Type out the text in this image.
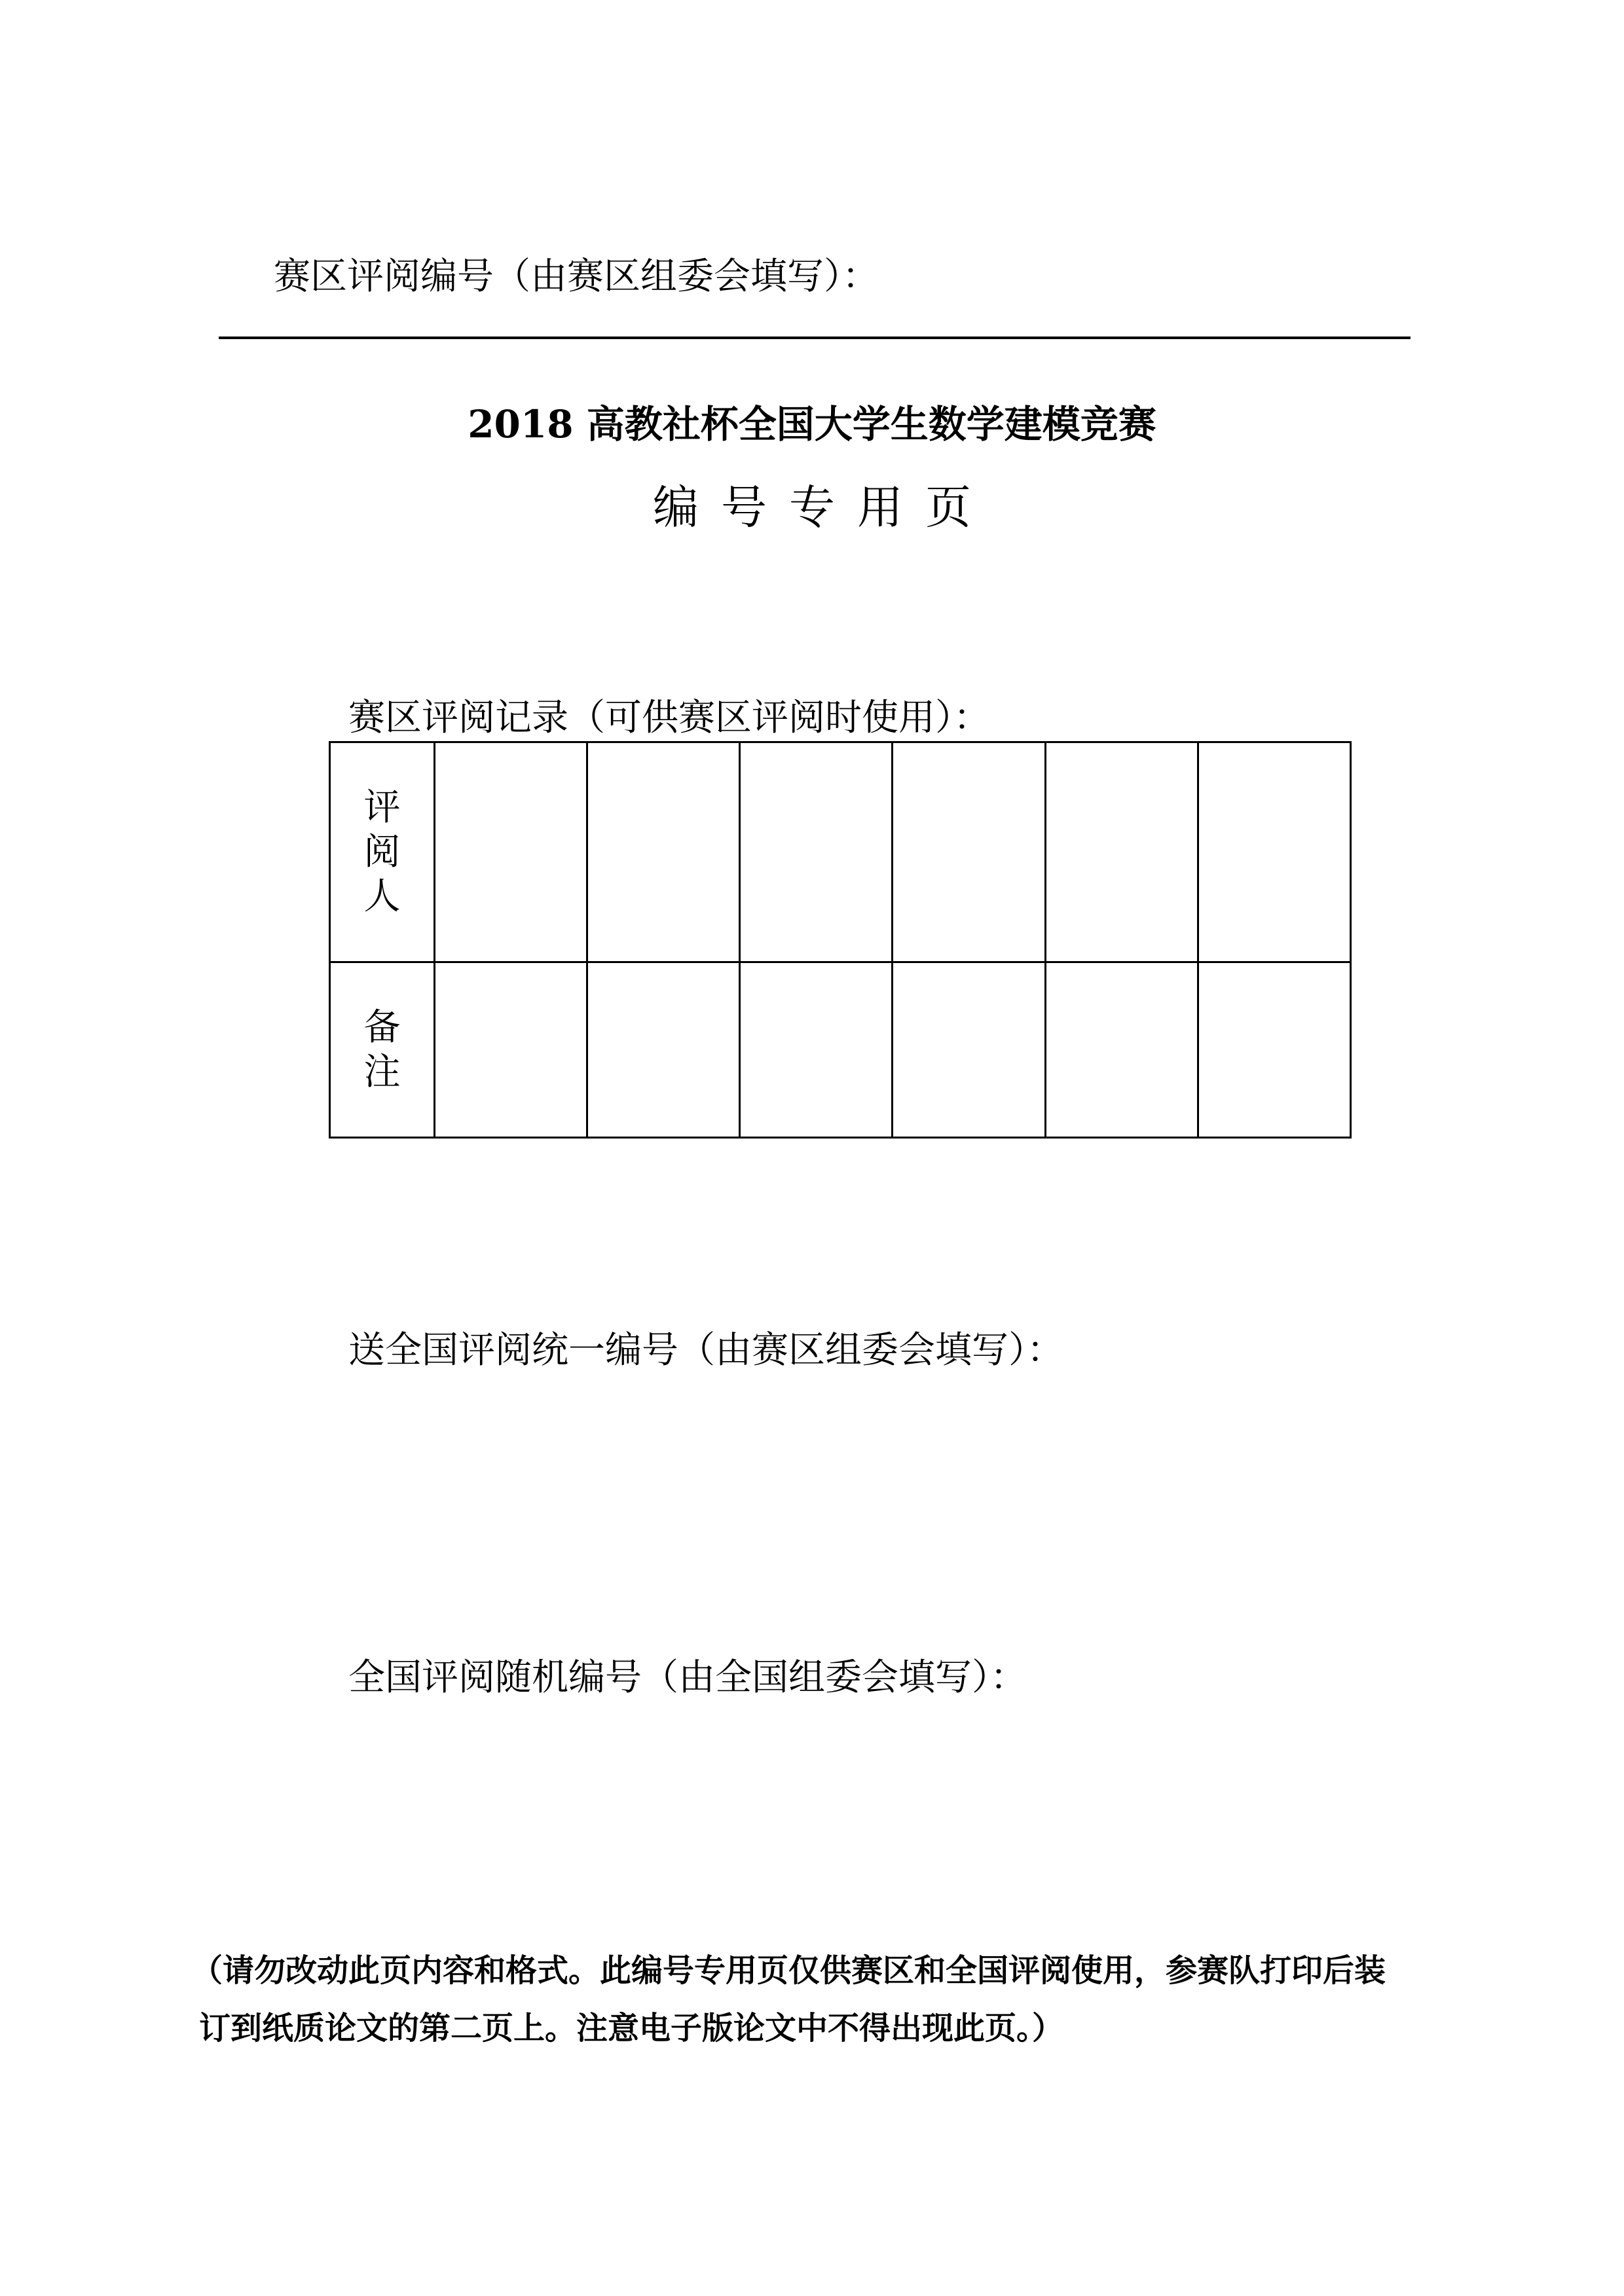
赛区评阅编号（由赛区组委会填写）：
2018 高教社杯全国大学生数学建模竞赛
编号专用页
赛区评阅记录（可供赛区评阅时使用）：
评阅人						
备注						
送全国评阅统一编号（由赛区组委会填写）：
全国评阅随机编号（由全国组委会填写）：
（请勿改动此页内容和格式。此编号专用页仅供赛区和全国评阅使用，参赛队打印后装
订到纸质论文的第二页上。注意电子版论文中不得出现此页。）
